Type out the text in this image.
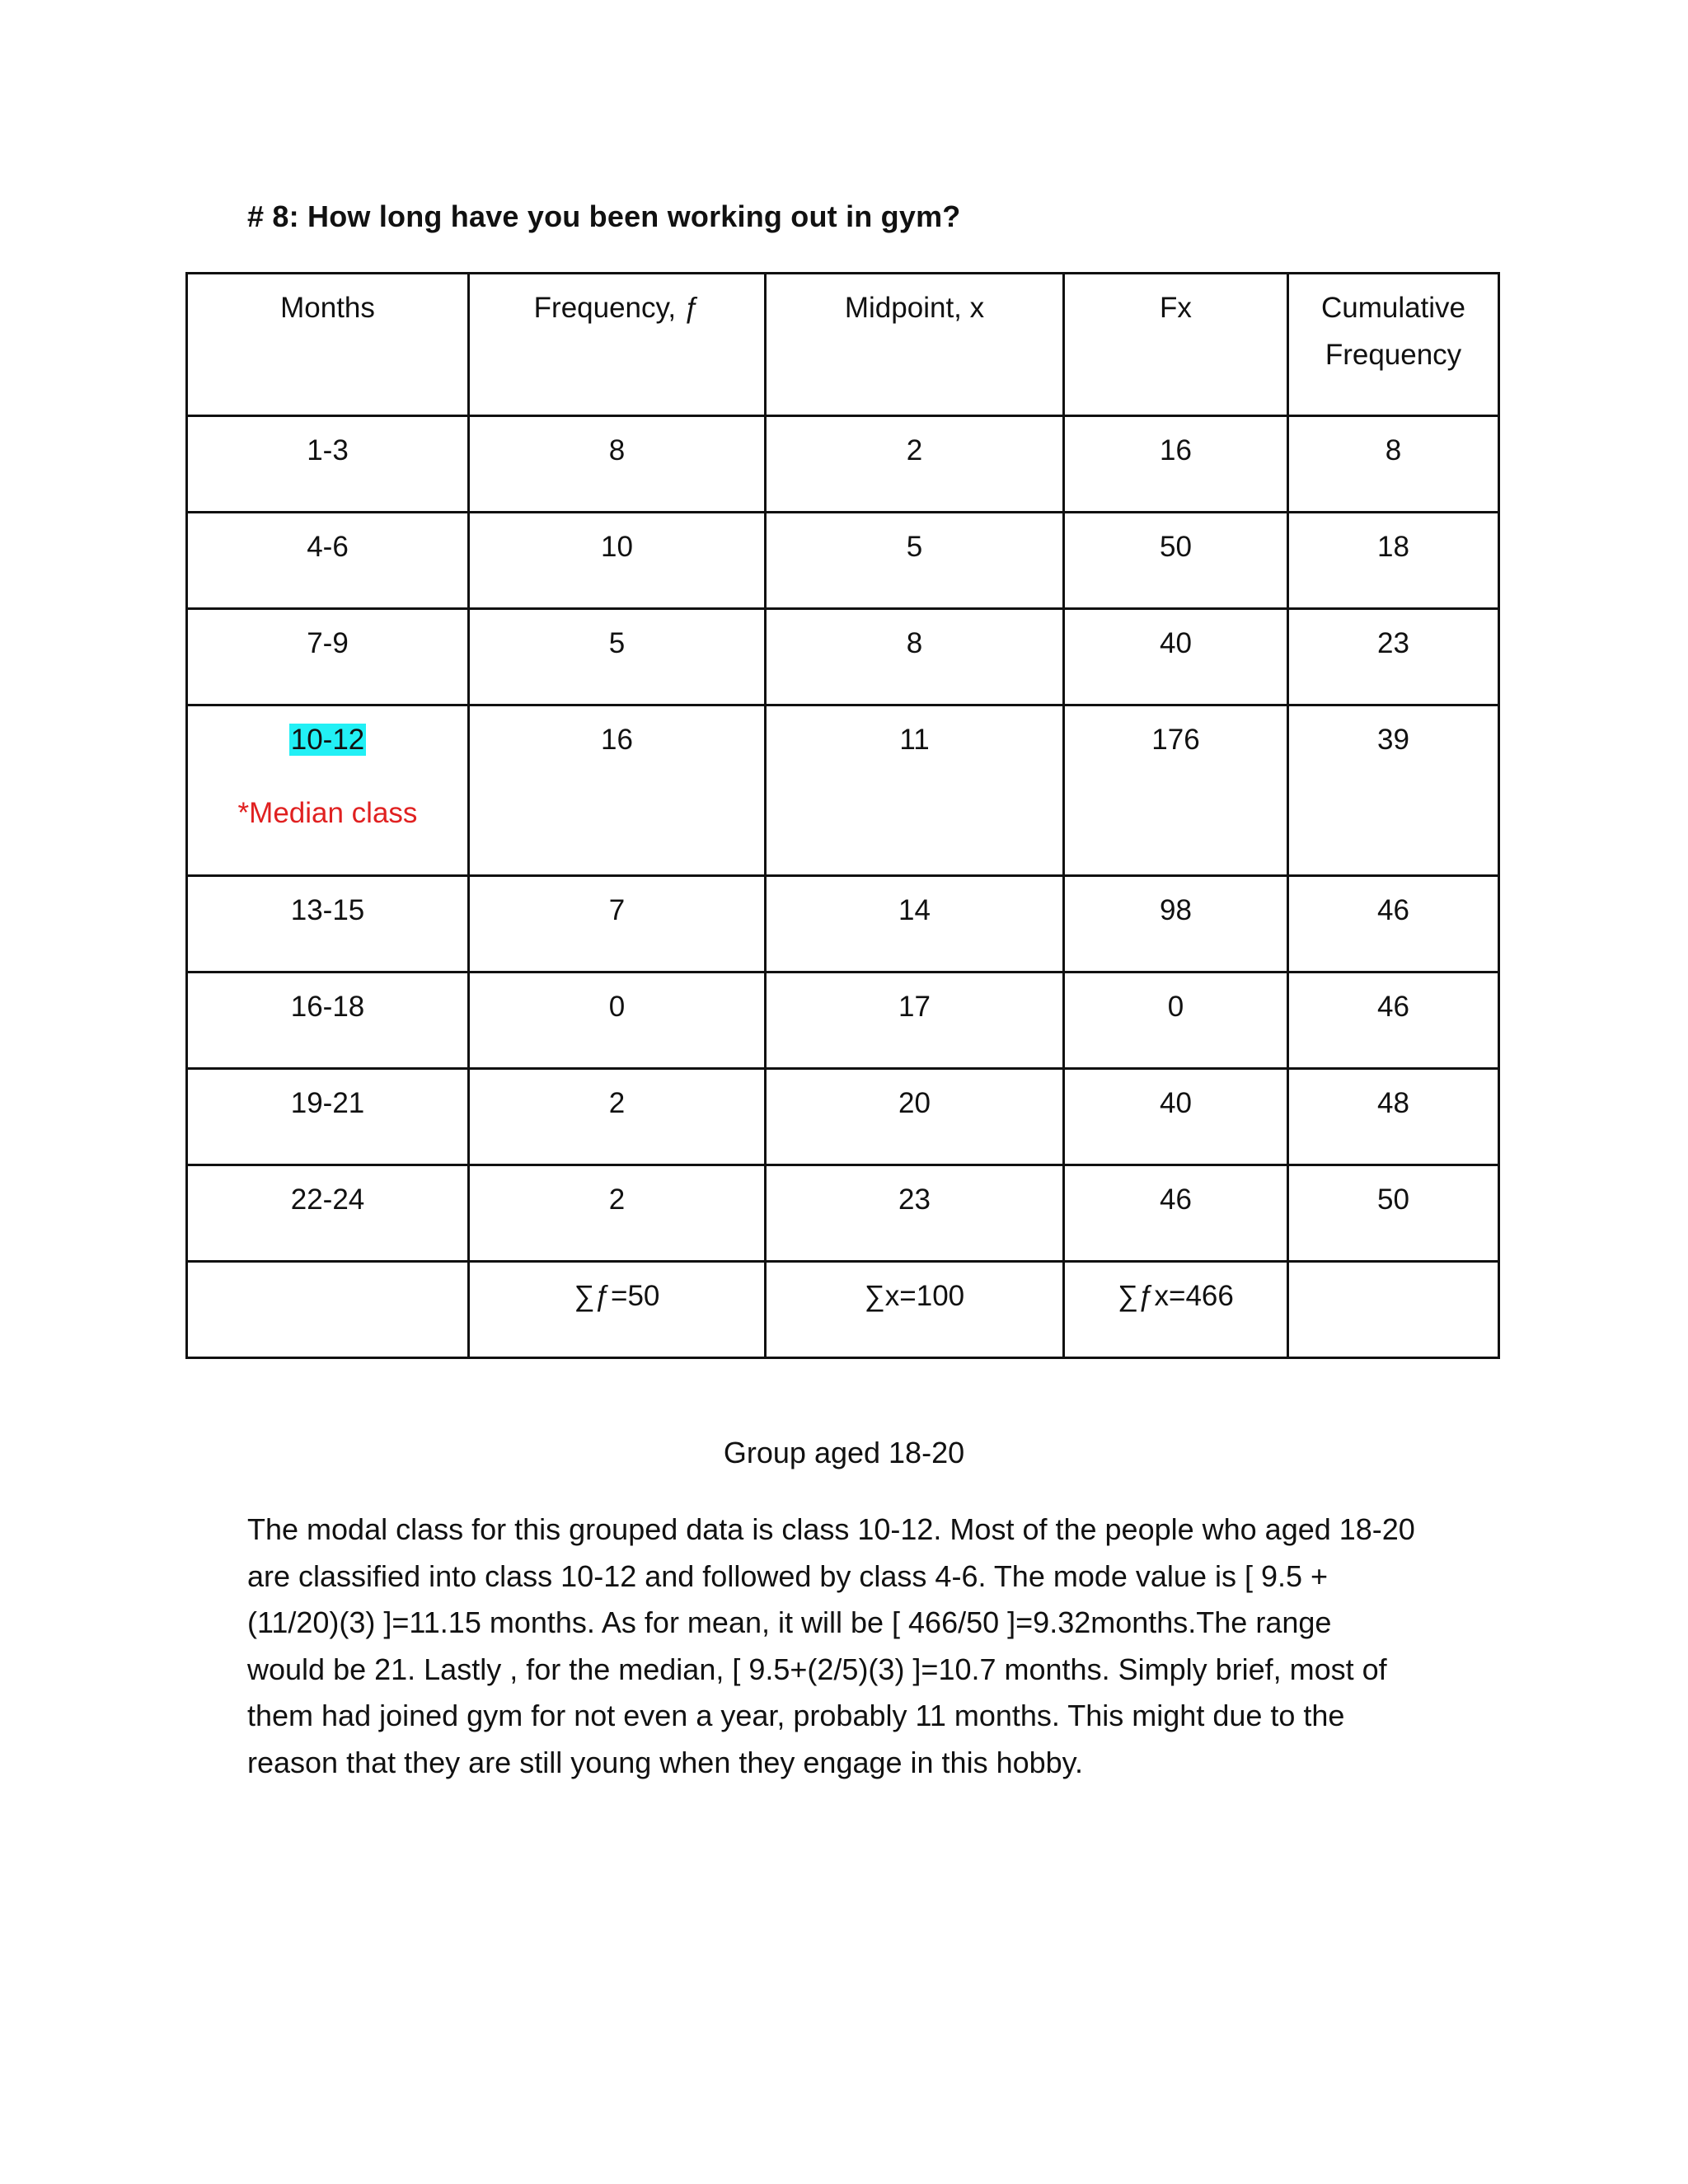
# 8: How long have you been working out in gym?
Months	Frequency, ƒ	Midpoint, x	Fx	Cumulative
Frequency

1-3	8	2	16	8

4-6	10	5	50	18

7-9	5	8	40	23

10-12
*Median class	16	11	176	39

13-15	7	14	98	46

16-18	0	17	0	46

19-21	2	20	40	48

22-24	2	23	46	50

	∑ƒ=50	∑x=100	∑ƒx=466	

Group aged 18-20
The modal class for this grouped data is class 10-12. Most of the people who aged 18-20
are classified into class 10-12 and followed by class 4-6. The mode value is [ 9.5 +
(11/20)(3) ]=11.15 months. As for mean, it will be [ 466/50 ]=9.32months.The range
would be 21. Lastly , for the median, [ 9.5+(2/5)(3) ]=10.7 months. Simply brief, most of
them had joined gym for not even a year, probably 11 months. This might due to the
reason that they are still young when they engage in this hobby.
